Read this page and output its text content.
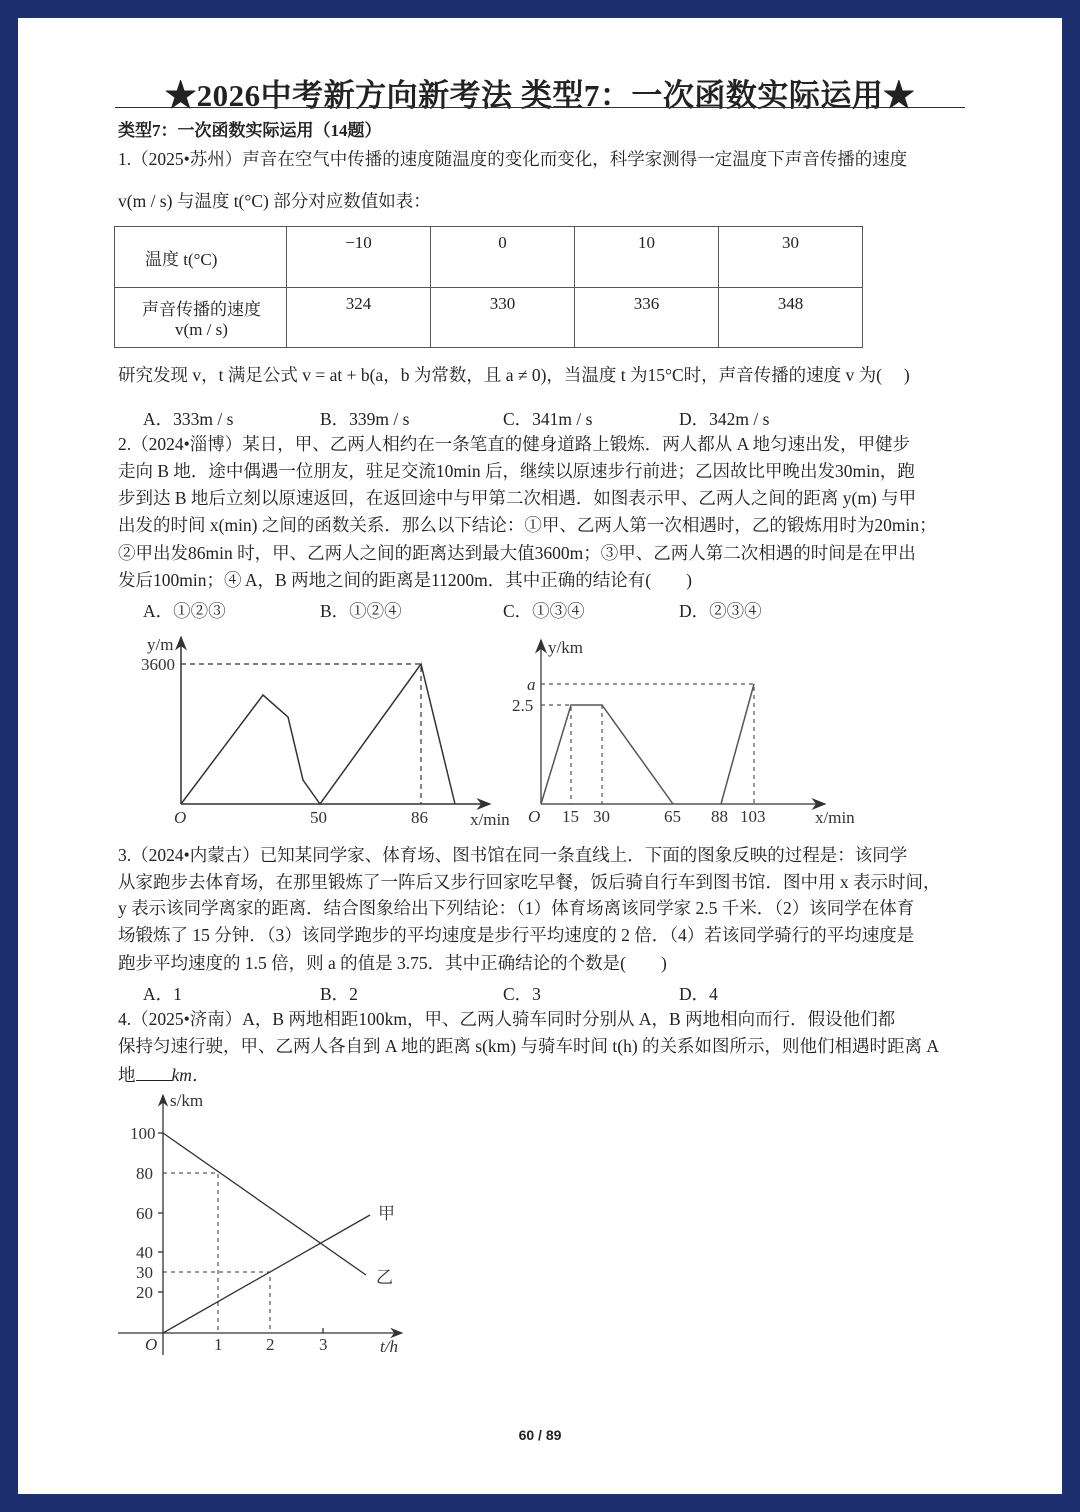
★2026中考新方向新考法 类型7：一次函数实际运用★
类型7：一次函数实际运用（14题）
1.（2025•苏州）声音在空气中传播的速度随温度的变化而变化，科学家测得一定温度下声音传播的速度
v(m / s) 与温度 t(°C) 部分对应数值如表：
温度 t(°C)	−10	0	10	30

声音传播的速度
v(m / s)	324	330	336	348
研究发现 v，t 满足公式 v = at + b(a，b 为常数，且 a ≠ 0)，当温度 t 为15°C时，声音传播的速度 v 为(　 )
A．333m / s	B．339m / s	C．341m / s	D．342m / s
2.（2024•淄博）某日，甲、乙两人相约在一条笔直的健身道路上锻炼．两人都从 A 地匀速出发，甲健步
走向 B 地．途中偶遇一位朋友，驻足交流10min 后，继续以原速步行前进；乙因故比甲晚出发30min，跑
步到达 B 地后立刻以原速返回，在返回途中与甲第二次相遇．如图表示甲、乙两人之间的距离 y(m) 与甲
出发的时间 x(min) 之间的函数关系．那么以下结论：①甲、乙两人第一次相遇时，乙的锻炼用时为20min；
②甲出发86min 时，甲、乙两人之间的距离达到最大值3600m；③甲、乙两人第二次相遇的时间是在甲出
发后100min；④ A，B 两地之间的距离是11200m．其中正确的结论有(　　)
A．①②③	B．①②④	C．①③④	D．②③④
3.（2024•内蒙古）已知某同学家、体育场、图书馆在同一条直线上．下面的图象反映的过程是：该同学
从家跑步去体育场，在那里锻炼了一阵后又步行回家吃早餐，饭后骑自行车到图书馆．图中用 x 表示时间，
y 表示该同学离家的距离．结合图象给出下列结论：（1）体育场离该同学家 2.5 千米．（2）该同学在体育
场锻炼了 15 分钟．（3）该同学跑步的平均速度是步行平均速度的 2 倍．（4）若该同学骑行的平均速度是
跑步平均速度的 1.5 倍，则 a 的值是 3.75．其中正确结论的个数是(　　)
A．1	B．2	C．3	D．4
4.（2025•济南）A，B 两地相距100km，甲、乙两人骑车同时分别从 A，B 两地相向而行．假设他们都
保持匀速行驶，甲、乙两人各自到 A 地的距离 s(km) 与骑车时间 t(h) 的关系如图所示，则他们相遇时距离 A
地 km．
y/m
3600
O	50	86 x/min
y/km
a
2.5
O 15 30	65 88 103	x/min
s/km
100
80
60
40
30
20
O	1	2	3	t/h
甲
乙
60 / 89
